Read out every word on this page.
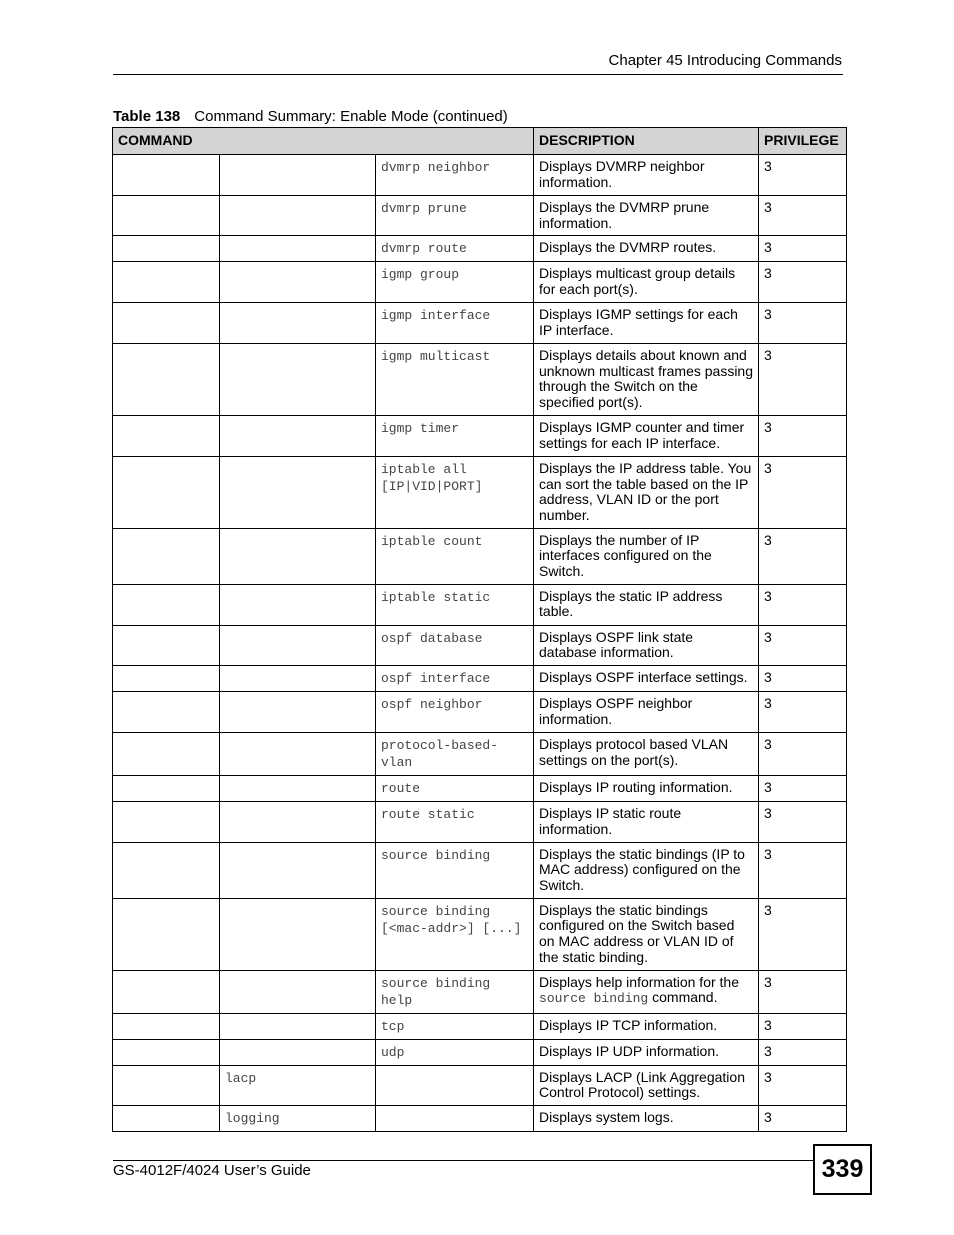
Chapter 45 Introducing Commands
Table 138 Command Summary: Enable Mode (continued)
COMMAND			DESCRIPTION	PRIVILEGE
		dvmrp neighbor	Displays DVMRP neighbor information.	3
		dvmrp prune	Displays the DVMRP prune information.	3
		dvmrp route	Displays the DVMRP routes.	3
		igmp group	Displays multicast group details for each port(s).	3
		igmp interface	Displays IGMP settings for each IP interface.	3
		igmp multicast	Displays details about known and unknown multicast frames passing through the Switch on the specified port(s).	3
		igmp timer	Displays IGMP counter and timer settings for each IP interface.	3
		iptable all [IP|VID|PORT]	Displays the IP address table. You can sort the table based on the IP address, VLAN ID or the port number.	3
		iptable count	Displays the number of IP interfaces configured on the Switch.	3
		iptable static	Displays the static IP address table.	3
		ospf database	Displays OSPF link state database information.	3
		ospf interface	Displays OSPF interface settings.	3
		ospf neighbor	Displays OSPF neighbor information.	3
		protocol-based-vlan	Displays protocol based VLAN settings on the port(s).	3
		route	Displays IP routing information.	3
		route static	Displays IP static route information.	3
		source binding	Displays the static bindings (IP to MAC address) configured on the Switch.	3
		source binding [<mac-addr>] [...]	Displays the static bindings configured on the Switch based on MAC address or VLAN ID of the static binding.	3
		source binding help	Displays help information for the source binding command.	3
		tcp	Displays IP TCP information.	3
		udp	Displays IP UDP information.	3
	lacp		Displays LACP (Link Aggregation Control Protocol) settings.	3
	logging		Displays system logs.	3
GS-4012F/4024 User’s Guide	339
